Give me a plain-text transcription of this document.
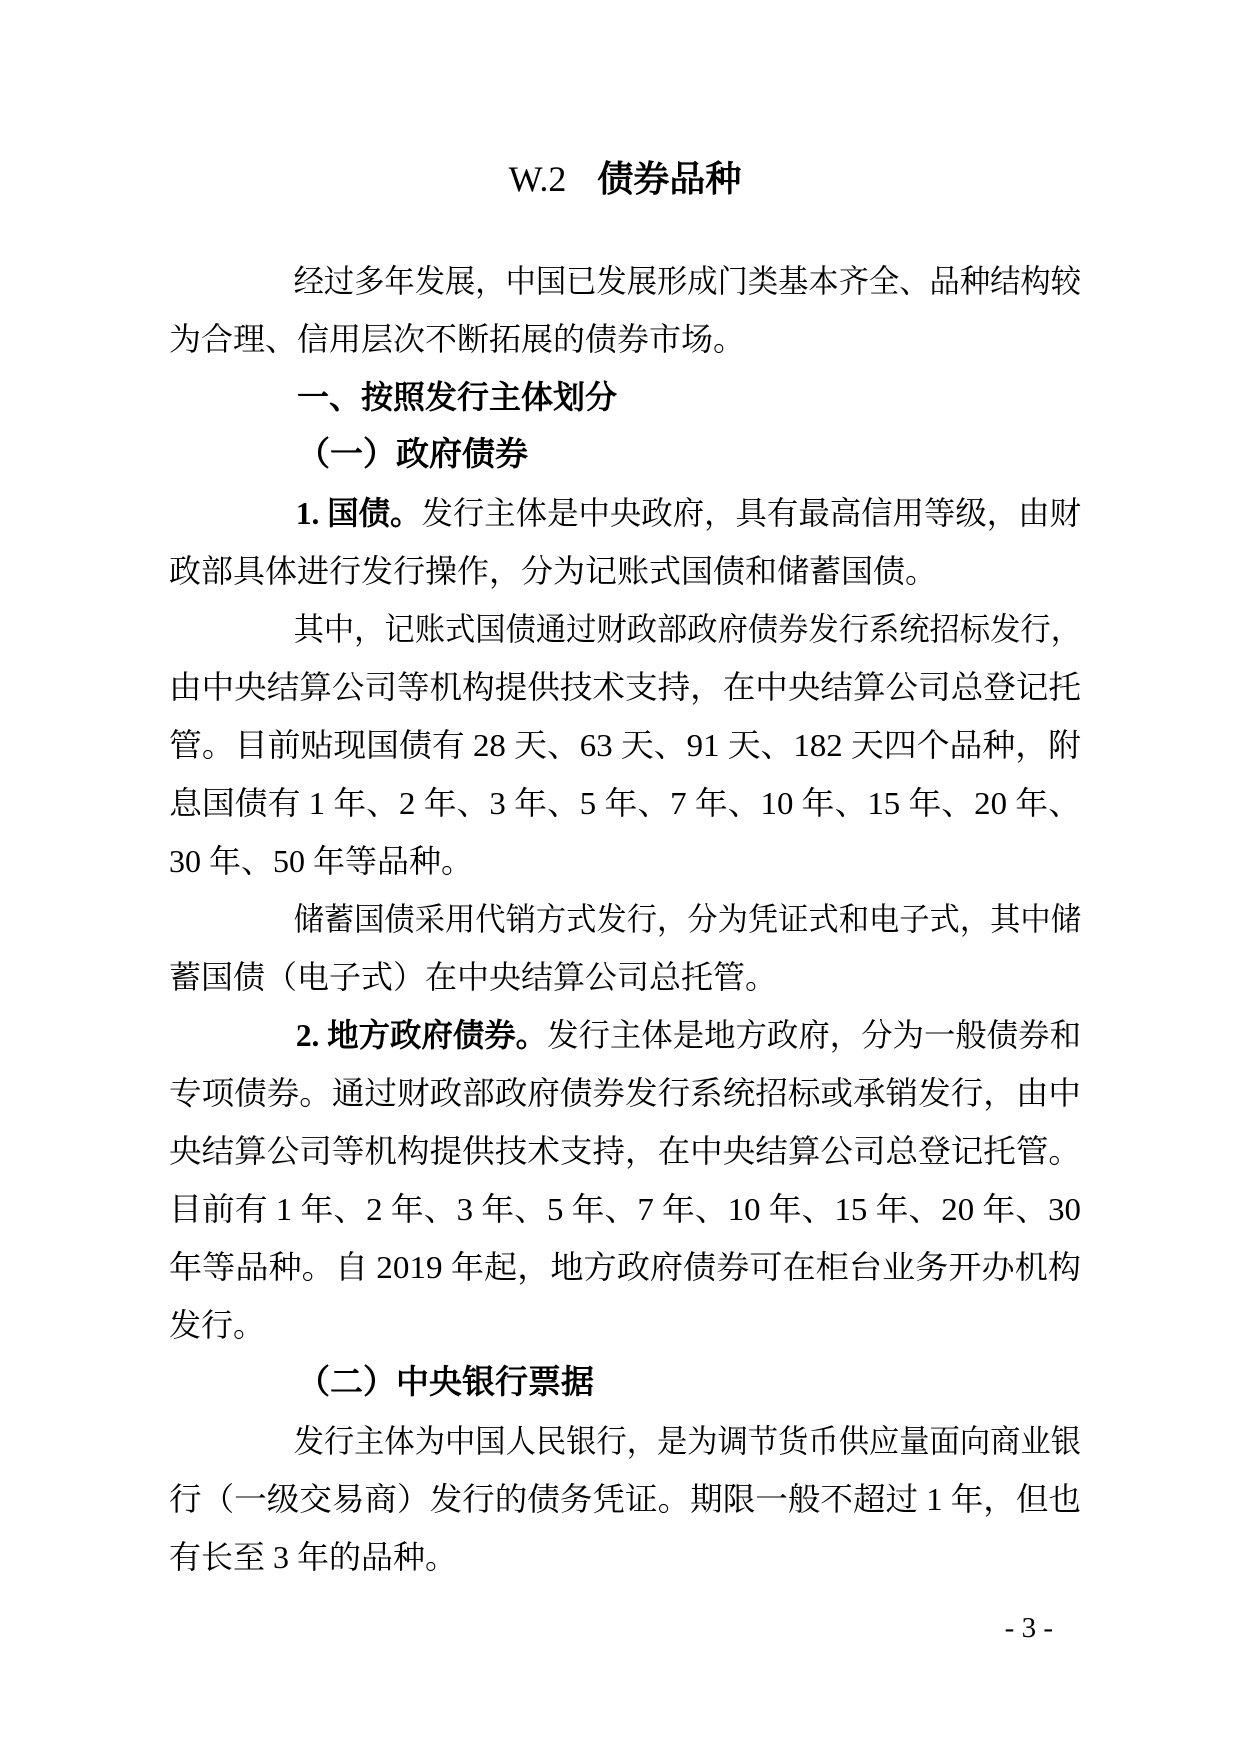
W.2 债券品种
经过多年发展，中国已发展形成门类基本齐全、品种结构较
为合理、信用层次不断拓展的债券市场。
一、按照发行主体划分
（一）政府债券
1. 国债。发行主体是中央政府，具有最高信用等级，由财
政部具体进行发行操作，分为记账式国债和储蓄国债。
其中，记账式国债通过财政部政府债券发行系统招标发行，
由中央结算公司等机构提供技术支持，在中央结算公司总登记托
管。目前贴现国债有 28 天、63 天、91 天、182 天四个品种，附
息国债有 1 年、2 年、3 年、5 年、7 年、10 年、15 年、20 年、
30 年、50 年等品种。
储蓄国债采用代销方式发行，分为凭证式和电子式，其中储
蓄国债（电子式）在中央结算公司总托管。
2. 地方政府债券。发行主体是地方政府，分为一般债券和
专项债券。通过财政部政府债券发行系统招标或承销发行，由中
央结算公司等机构提供技术支持，在中央结算公司总登记托管。
目前有 1 年、2 年、3 年、5 年、7 年、10 年、15 年、20 年、30
年等品种。自 2019 年起，地方政府债券可在柜台业务开办机构
发行。
（二）中央银行票据
发行主体为中国人民银行，是为调节货币供应量面向商业银
行（一级交易商）发行的债务凭证。期限一般不超过 1 年，但也
有长至 3 年的品种。
- 3 -
